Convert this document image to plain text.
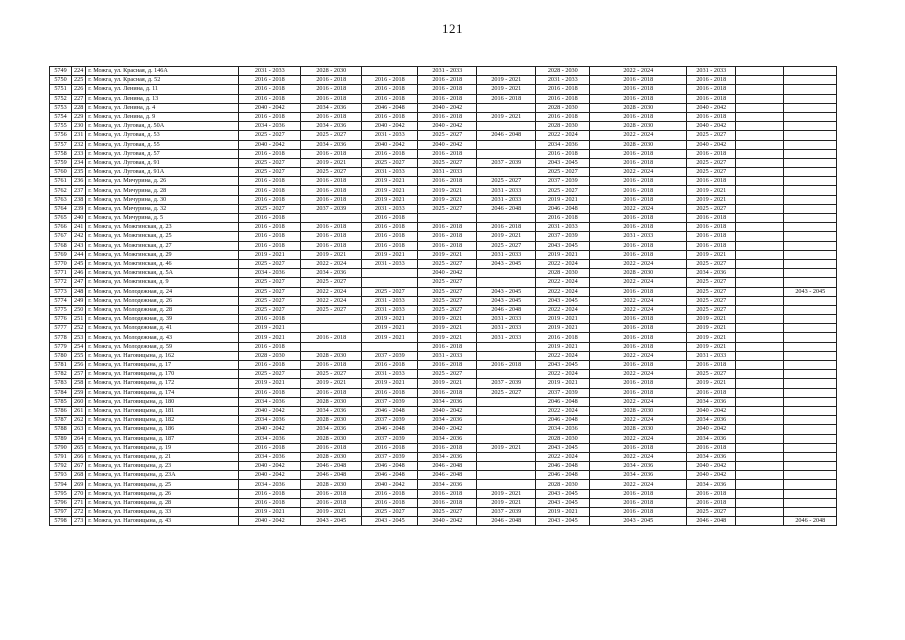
121
5749	224	г. Можга, ул. Красная, д. 146А	2031 - 2033	2028 - 2030		2031 - 2033		2028 - 2030	2022 - 2024	2031 - 2033		
5750	225	г. Можга, ул. Красная, д. 52	2016 - 2018	2016 - 2018	2016 - 2018	2016 - 2018	2019 - 2021	2031 - 2033	2016 - 2018	2016 - 2018		
5751	226	г. Можга, ул. Ленина, д. 11	2016 - 2018	2016 - 2018	2016 - 2018	2016 - 2018	2019 - 2021	2016 - 2018	2016 - 2018	2016 - 2018		
5752	227	г. Можга, ул. Ленина, д. 13	2016 - 2018	2016 - 2018	2016 - 2018	2016 - 2018	2016 - 2018	2016 - 2018	2016 - 2018	2016 - 2018		
5753	228	г. Можга, ул. Ленина, д. 4	2040 - 2042	2034 - 2036	2046 - 2048	2040 - 2042		2028 - 2030	2028 - 2030	2040 - 2042		
5754	229	г. Можга, ул. Ленина, д. 9	2016 - 2018	2016 - 2018	2016 - 2018	2016 - 2018	2019 - 2021	2016 - 2018	2016 - 2018	2016 - 2018		
5755	230	г. Можга, ул. Луговая, д. 50А	2034 - 2036	2034 - 2036	2040 - 2042	2040 - 2042		2028 - 2030	2028 - 2030	2040 - 2042		
5756	231	г. Можга, ул. Луговая, д. 53	2025 - 2027	2025 - 2027	2031 - 2033	2025 - 2027	2046 - 2048	2022 - 2024	2022 - 2024	2025 - 2027		
5757	232	г. Можга, ул. Луговая, д. 55	2040 - 2042	2034 - 2036	2040 - 2042	2040 - 2042		2034 - 2036	2028 - 2030	2040 - 2042		
5758	233	г. Можга, ул. Луговая, д. 57	2016 - 2018	2016 - 2018	2016 - 2018	2016 - 2018		2016 - 2018	2016 - 2018	2016 - 2018		
5759	234	г. Можга, ул. Луговая, д. 91	2025 - 2027	2019 - 2021	2025 - 2027	2025 - 2027	2037 - 2039	2043 - 2045	2016 - 2018	2025 - 2027		
5760	235	г. Можга, ул. Луговая, д. 91А	2025 - 2027	2025 - 2027	2031 - 2033	2031 - 2033		2025 - 2027	2022 - 2024	2025 - 2027		
5761	236	г. Можга, ул. Мичурина, д. 26	2016 - 2018	2016 - 2018	2019 - 2021	2016 - 2018	2025 - 2027	2037 - 2039	2016 - 2018	2016 - 2018		
5762	237	г. Можга, ул. Мичурина, д. 28	2016 - 2018	2016 - 2018	2019 - 2021	2019 - 2021	2031 - 2033	2025 - 2027	2016 - 2018	2019 - 2021		
5763	238	г. Можга, ул. Мичурина, д. 30	2016 - 2018	2016 - 2018	2019 - 2021	2019 - 2021	2031 - 2033	2019 - 2021	2016 - 2018	2019 - 2021		
5764	239	г. Можга, ул. Мичурина, д. 32	2025 - 2027	2037 - 2039	2031 - 2033	2025 - 2027	2046 - 2048	2046 - 2048	2022 - 2024	2025 - 2027		
5765	240	г. Можга, ул. Мичурина, д. 5	2016 - 2018		2016 - 2018			2016 - 2018	2016 - 2018	2016 - 2018		
5766	241	г. Можга, ул. Можгинская, д. 23	2016 - 2018	2016 - 2018	2016 - 2018	2016 - 2018	2016 - 2018	2031 - 2033	2016 - 2018	2016 - 2018		
5767	242	г. Можга, ул. Можгинская, д. 25	2016 - 2018	2016 - 2018	2016 - 2018	2016 - 2018	2019 - 2021	2037 - 2039	2031 - 2033	2016 - 2018		
5768	243	г. Можга, ул. Можгинская, д. 27	2016 - 2018	2016 - 2018	2016 - 2018	2016 - 2018	2025 - 2027	2043 - 2045	2016 - 2018	2016 - 2018		
5769	244	г. Можга, ул. Можгинская, д. 29	2019 - 2021	2019 - 2021	2019 - 2021	2019 - 2021	2031 - 2033	2019 - 2021	2016 - 2018	2019 - 2021		
5770	245	г. Можга, ул. Можгинская, д. 46	2025 - 2027	2022 - 2024	2031 - 2033	2025 - 2027	2043 - 2045	2022 - 2024	2022 - 2024	2025 - 2027		
5771	246	г. Можга, ул. Можгинская, д. 5А	2034 - 2036	2034 - 2036		2040 - 2042		2028 - 2030	2028 - 2030	2034 - 2036		
5772	247	г. Можга, ул. Можгинская, д. 9	2025 - 2027	2025 - 2027		2025 - 2027		2022 - 2024	2022 - 2024	2025 - 2027		
5773	248	г. Можга, ул. Молодежная, д. 24	2025 - 2027	2022 - 2024	2025 - 2027	2025 - 2027	2043 - 2045	2022 - 2024	2016 - 2018	2025 - 2027		2043 - 2045
5774	249	г. Можга, ул. Молодежная, д. 26	2025 - 2027	2022 - 2024	2031 - 2033	2025 - 2027	2043 - 2045	2043 - 2045	2022 - 2024	2025 - 2027		
5775	250	г. Можга, ул. Молодежная, д. 28	2025 - 2027	2025 - 2027	2031 - 2033	2025 - 2027	2046 - 2048	2022 - 2024	2022 - 2024	2025 - 2027		
5776	251	г. Можга, ул. Молодежная, д. 39	2016 - 2018		2019 - 2021	2019 - 2021	2031 - 2033	2019 - 2021	2016 - 2018	2019 - 2021		
5777	252	г. Можга, ул. Молодежная, д. 41	2019 - 2021		2019 - 2021	2019 - 2021	2031 - 2033	2019 - 2021	2016 - 2018	2019 - 2021		
5778	253	г. Можга, ул. Молодежная, д. 43	2019 - 2021	2016 - 2018	2019 - 2021	2019 - 2021	2031 - 2033	2016 - 2018	2016 - 2018	2019 - 2021		
5779	254	г. Можга, ул. Молодежная, д. 59	2016 - 2018			2016 - 2018		2019 - 2021	2016 - 2018	2019 - 2021		
5780	255	г. Можга, ул. Наговицына, д. 162	2028 - 2030	2028 - 2030	2037 - 2039	2031 - 2033		2022 - 2024	2022 - 2024	2031 - 2033		
5781	256	г. Можга, ул. Наговицына, д. 17	2016 - 2018	2016 - 2018	2016 - 2018	2016 - 2018	2016 - 2018	2043 - 2045	2016 - 2018	2016 - 2018		
5782	257	г. Можга, ул. Наговицына, д. 170	2025 - 2027	2025 - 2027	2031 - 2033	2025 - 2027		2022 - 2024	2022 - 2024	2025 - 2027		
5783	258	г. Можга, ул. Наговицына, д. 172	2019 - 2021	2019 - 2021	2019 - 2021	2019 - 2021	2037 - 2039	2019 - 2021	2016 - 2018	2019 - 2021		
5784	259	г. Можга, ул. Наговицына, д. 174	2016 - 2018	2016 - 2018	2016 - 2018	2016 - 2018	2025 - 2027	2037 - 2039	2016 - 2018	2016 - 2018		
5785	260	г. Можга, ул. Наговицына, д. 180	2034 - 2036	2028 - 2030	2037 - 2039	2034 - 2036		2046 - 2048	2022 - 2024	2034 - 2036		
5786	261	г. Можга, ул. Наговицына, д. 181	2040 - 2042	2034 - 2036	2046 - 2048	2040 - 2042		2022 - 2024	2028 - 2030	2040 - 2042		
5787	262	г. Можга, ул. Наговицына, д. 182	2034 - 2036	2028 - 2030	2037 - 2039	2034 - 2036		2046 - 2048	2022 - 2024	2034 - 2036		
5788	263	г. Можга, ул. Наговицына, д. 186	2040 - 2042	2034 - 2036	2046 - 2048	2040 - 2042		2034 - 2036	2028 - 2030	2040 - 2042		
5789	264	г. Можга, ул. Наговицына, д. 187	2034 - 2036	2028 - 2030	2037 - 2039	2034 - 2036		2028 - 2030	2022 - 2024	2034 - 2036		
5790	265	г. Можга, ул. Наговицына, д. 19	2016 - 2018	2016 - 2018	2016 - 2018	2016 - 2018	2019 - 2021	2043 - 2045	2016 - 2018	2016 - 2018		
5791	266	г. Можга, ул. Наговицына, д. 21	2034 - 2036	2028 - 2030	2037 - 2039	2034 - 2036		2022 - 2024	2022 - 2024	2034 - 2036		
5792	267	г. Можга, ул. Наговицына, д. 23	2040 - 2042	2046 - 2048	2046 - 2048	2046 - 2048		2046 - 2048	2034 - 2036	2040 - 2042		
5793	268	г. Можга, ул. Наговицына, д. 23А	2040 - 2042	2046 - 2048	2046 - 2048	2046 - 2048		2046 - 2048	2034 - 2036	2040 - 2042		
5794	269	г. Можга, ул. Наговицына, д. 25	2034 - 2036	2028 - 2030	2040 - 2042	2034 - 2036		2028 - 2030	2022 - 2024	2034 - 2036		
5795	270	г. Можга, ул. Наговицына, д. 26	2016 - 2018	2016 - 2018	2016 - 2018	2016 - 2018	2019 - 2021	2043 - 2045	2016 - 2018	2016 - 2018		
5796	271	г. Можга, ул. Наговицына, д. 28	2016 - 2018	2016 - 2018	2016 - 2018	2016 - 2018	2019 - 2021	2043 - 2045	2016 - 2018	2016 - 2018		
5797	272	г. Можга, ул. Наговицына, д. 33	2019 - 2021	2019 - 2021	2025 - 2027	2025 - 2027	2037 - 2039	2019 - 2021	2016 - 2018	2025 - 2027		
5798	273	г. Можга, ул. Наговицына, д. 43	2040 - 2042	2043 - 2045	2043 - 2045	2040 - 2042	2046 - 2048	2043 - 2045	2043 - 2045	2046 - 2048		2046 - 2048
